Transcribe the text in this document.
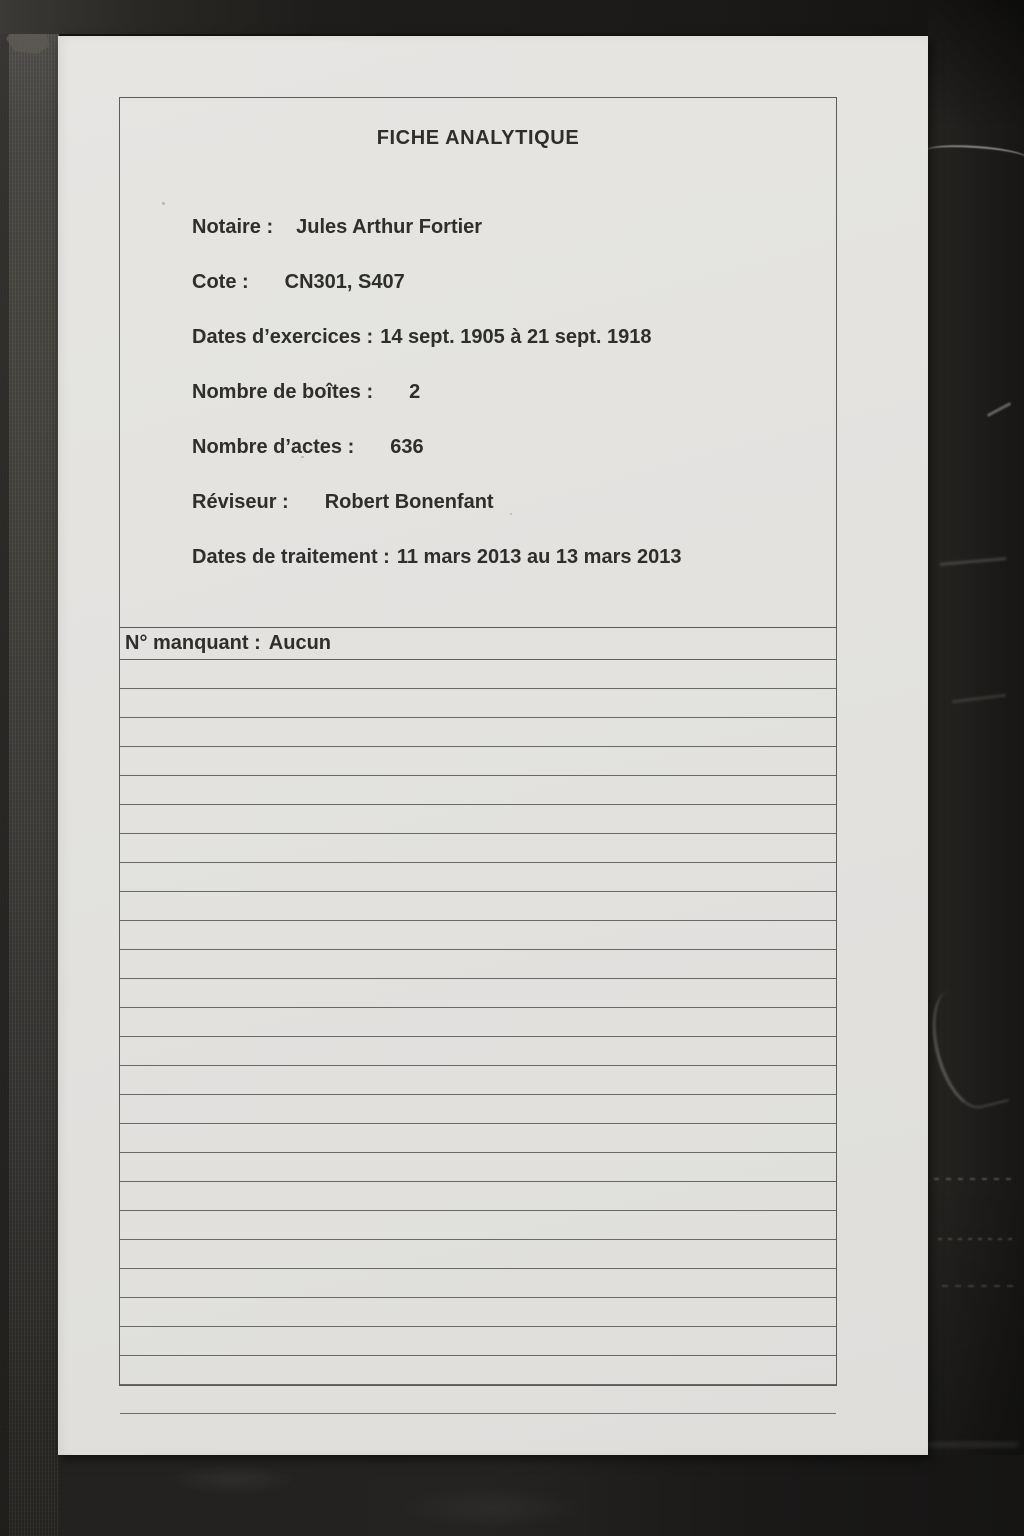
FICHE ANALYTIQUE
Notaire : Jules Arthur Fortier
Cote : CN301, S407
Dates d’exercices : 14 sept. 1905 à 21 sept. 1918
Nombre de boîtes : 2
Nombre d’actes : 636
Réviseur : Robert Bonenfant
Dates de traitement : 11 mars 2013 au 13 mars 2013
N° manquant : Aucun
